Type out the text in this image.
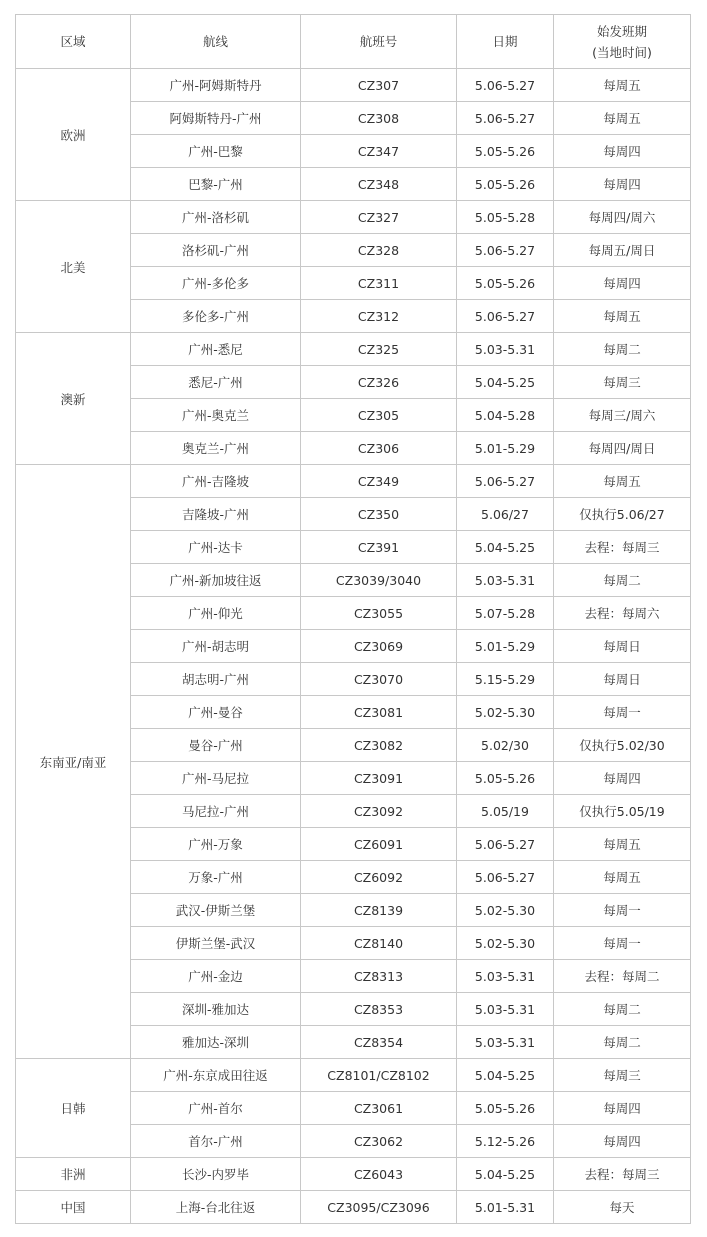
区域	航线	航班号	日期	始发班期
(当地时间)

欧洲	广州-阿姆斯特丹	CZ307	5.06-5.27	每周五
	阿姆斯特丹-广州	CZ308	5.06-5.27	每周五
	广州-巴黎	CZ347	5.05-5.26	每周四
	巴黎-广州	CZ348	5.05-5.26	每周四
北美	广州-洛杉矶	CZ327	5.05-5.28	每周四/周六
	洛杉矶-广州	CZ328	5.06-5.27	每周五/周日
	广州-多伦多	CZ311	5.05-5.26	每周四
	多伦多-广州	CZ312	5.06-5.27	每周五
澳新	广州-悉尼	CZ325	5.03-5.31	每周二
	悉尼-广州	CZ326	5.04-5.25	每周三
	广州-奥克兰	CZ305	5.04-5.28	每周三/周六
	奥克兰-广州	CZ306	5.01-5.29	每周四/周日
东南亚/南亚	广州-吉隆坡	CZ349	5.06-5.27	每周五
	吉隆坡-广州	CZ350	5.06/27	仅执行5.06/27
	广州-达卡	CZ391	5.04-5.25	去程：每周三
	广州-新加坡往返	CZ3039/3040	5.03-5.31	每周二
	广州-仰光	CZ3055	5.07-5.28	去程：每周六
	广州-胡志明	CZ3069	5.01-5.29	每周日
	胡志明-广州	CZ3070	5.15-5.29	每周日
	广州-曼谷	CZ3081	5.02-5.30	每周一
	曼谷-广州	CZ3082	5.02/30	仅执行5.02/30
	广州-马尼拉	CZ3091	5.05-5.26	每周四
	马尼拉-广州	CZ3092	5.05/19	仅执行5.05/19
	广州-万象	CZ6091	5.06-5.27	每周五
	万象-广州	CZ6092	5.06-5.27	每周五
	武汉-伊斯兰堡	CZ8139	5.02-5.30	每周一
	伊斯兰堡-武汉	CZ8140	5.02-5.30	每周一
	广州-金边	CZ8313	5.03-5.31	去程：每周二
	深圳-雅加达	CZ8353	5.03-5.31	每周二
	雅加达-深圳	CZ8354	5.03-5.31	每周二
日韩	广州-东京成田往返	CZ8101/CZ8102	5.04-5.25	每周三
	广州-首尔	CZ3061	5.05-5.26	每周四
	首尔-广州	CZ3062	5.12-5.26	每周四
非洲	长沙-内罗毕	CZ6043	5.04-5.25	去程：每周三
中国	上海-台北往返	CZ3095/CZ3096	5.01-5.31	每天
